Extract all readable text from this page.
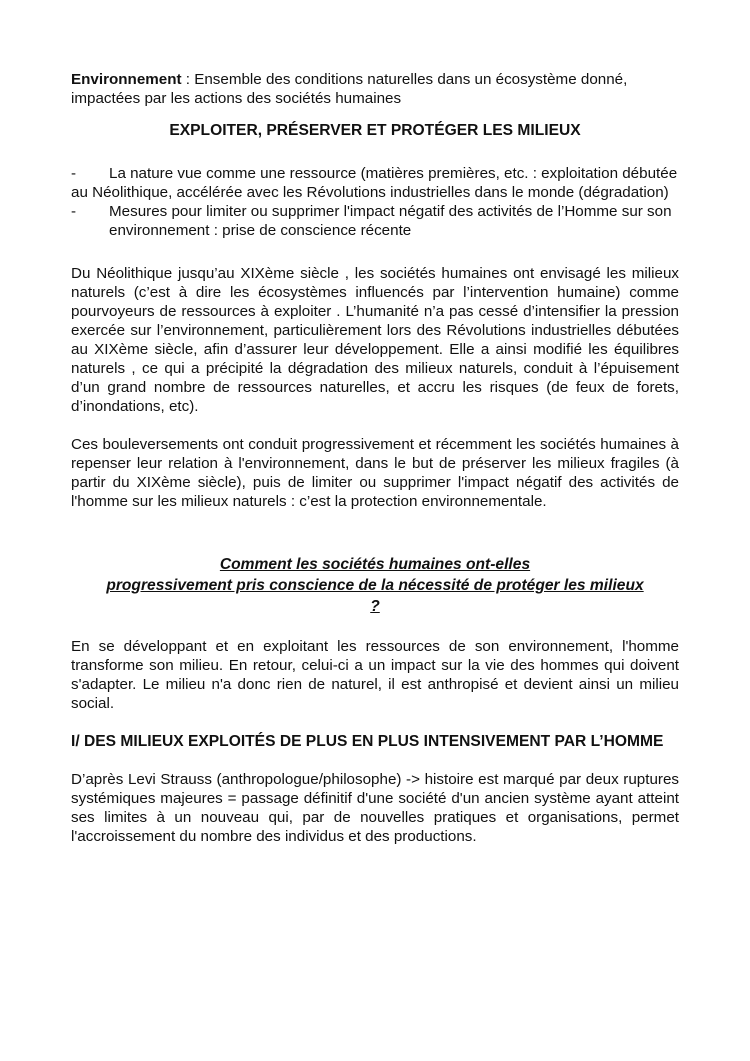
Environnement : Ensemble des conditions naturelles dans un écosystème donné, impactées par les actions des sociétés humaines

EXPLOITER, PRÉSERVER ET PROTÉGER LES MILIEUX

- La nature vue comme une ressource (matières premières, etc. : exploitation débutée au Néolithique, accélérée avec les Révolutions industrielles dans le monde (dégradation)
- Mesures pour limiter ou supprimer l'impact négatif des activités de l’Homme sur son environnement : prise de conscience récente

Du Néolithique jusqu’au XIXème siècle , les sociétés humaines ont envisagé les milieux naturels (c’est à dire les écosystèmes influencés par l’intervention humaine) comme pourvoyeurs de ressources à exploiter . L’humanité n’a pas cessé d’intensifier la pression exercée sur l’environnement, particulièrement lors des Révolutions industrielles débutées au XIXème siècle, afin d’assurer leur développement. Elle a ainsi modifié les équilibres naturels , ce qui a précipité la dégradation des milieux naturels, conduit à l’épuisement d’un grand nombre de ressources naturelles, et accru les risques (de feux de forets, d’inondations, etc).

Ces bouleversements ont conduit progressivement et récemment les sociétés humaines à repenser leur relation à l'environnement, dans le but de préserver les milieux fragiles (à partir du XIXème siècle), puis de limiter ou supprimer l'impact négatif des activités de l'homme sur les milieux naturels : c’est la protection environnementale.

Comment les sociétés humaines ont-elles
progressivement pris conscience de la nécessité de protéger les milieux
?

En se développant et en exploitant les ressources de son environnement, l'homme transforme son milieu. En retour, celui-ci a un impact sur la vie des hommes qui doivent s'adapter. Le milieu n'a donc rien de naturel, il est anthropisé et devient ainsi un milieu social.

I/ DES MILIEUX EXPLOITÉS DE PLUS EN PLUS INTENSIVEMENT PAR L’HOMME

D’après Levi Strauss (anthropologue/philosophe) -> histoire est marqué par deux ruptures systémiques majeures = passage définitif d'une société d'un ancien système ayant atteint ses limites à un nouveau qui, par de nouvelles pratiques et organisations, permet l'accroissement du nombre des individus et des productions.
